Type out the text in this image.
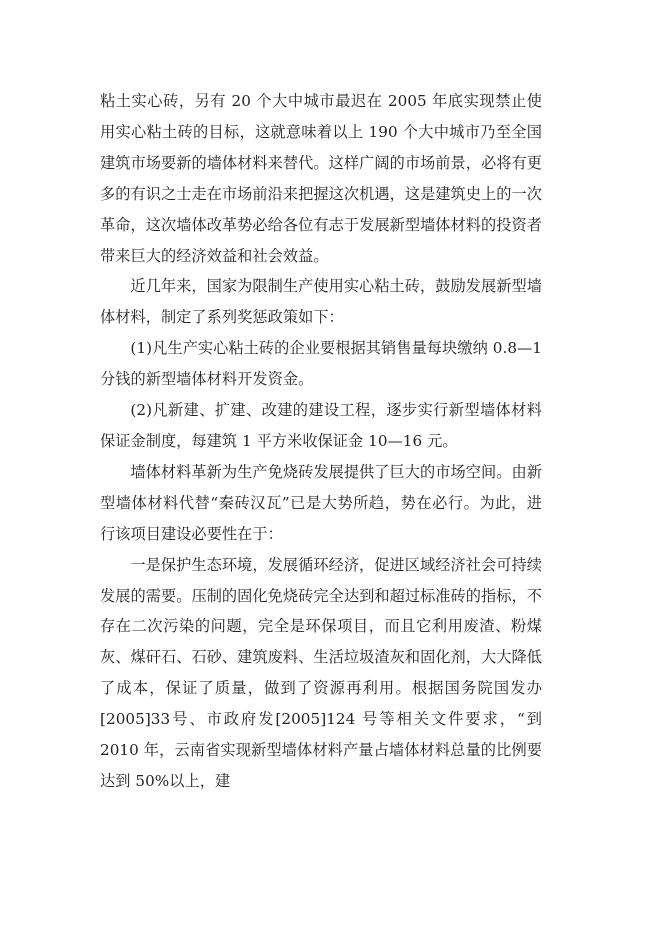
粘土实心砖，另有 20 个大中城市最迟在 2005 年底实现禁止使用实心粘土砖的目标，这就意味着以上 190 个大中城市乃至全国建筑市场要新的墙体材料来替代。这样广阔的市场前景，必将有更多的有识之士走在市场前沿来把握这次机遇，这是建筑史上的一次革命，这次墙体改革势必给各位有志于发展新型墙体材料的投资者带来巨大的经济效益和社会效益。

近几年来，国家为限制生产使用实心粘土砖，鼓励发展新型墙体材料，制定了系列奖惩政策如下：

(1)凡生产实心粘土砖的企业要根据其销售量每块缴纳 0.8—1 分钱的新型墙体材料开发资金。

(2)凡新建、扩建、改建的建设工程，逐步实行新型墙体材料保证金制度，每建筑 1 平方米收保证金 10—16 元。

墙体材料革新为生产免烧砖发展提供了巨大的市场空间。由新型墙体材料代替“秦砖汉瓦”已是大势所趋，势在必行。为此，进行该项目建设必要性在于：

一是保护生态环境，发展循环经济，促进区域经济社会可持续发展的需要。压制的固化免烧砖完全达到和超过标准砖的指标，不存在二次污染的问题，完全是环保项目，而且它利用废渣、粉煤灰、煤矸石、石砂、建筑废料、生活垃圾渣灰和固化剂，大大降低了成本，保证了质量，做到了资源再利用。根据国务院国发办[2005]33号、市政府发[2005]124 号等相关文件要求，“到 2010 年，云南省实现新型墙体材料产量占墙体材料总量的比例要达到 50%以上，建
